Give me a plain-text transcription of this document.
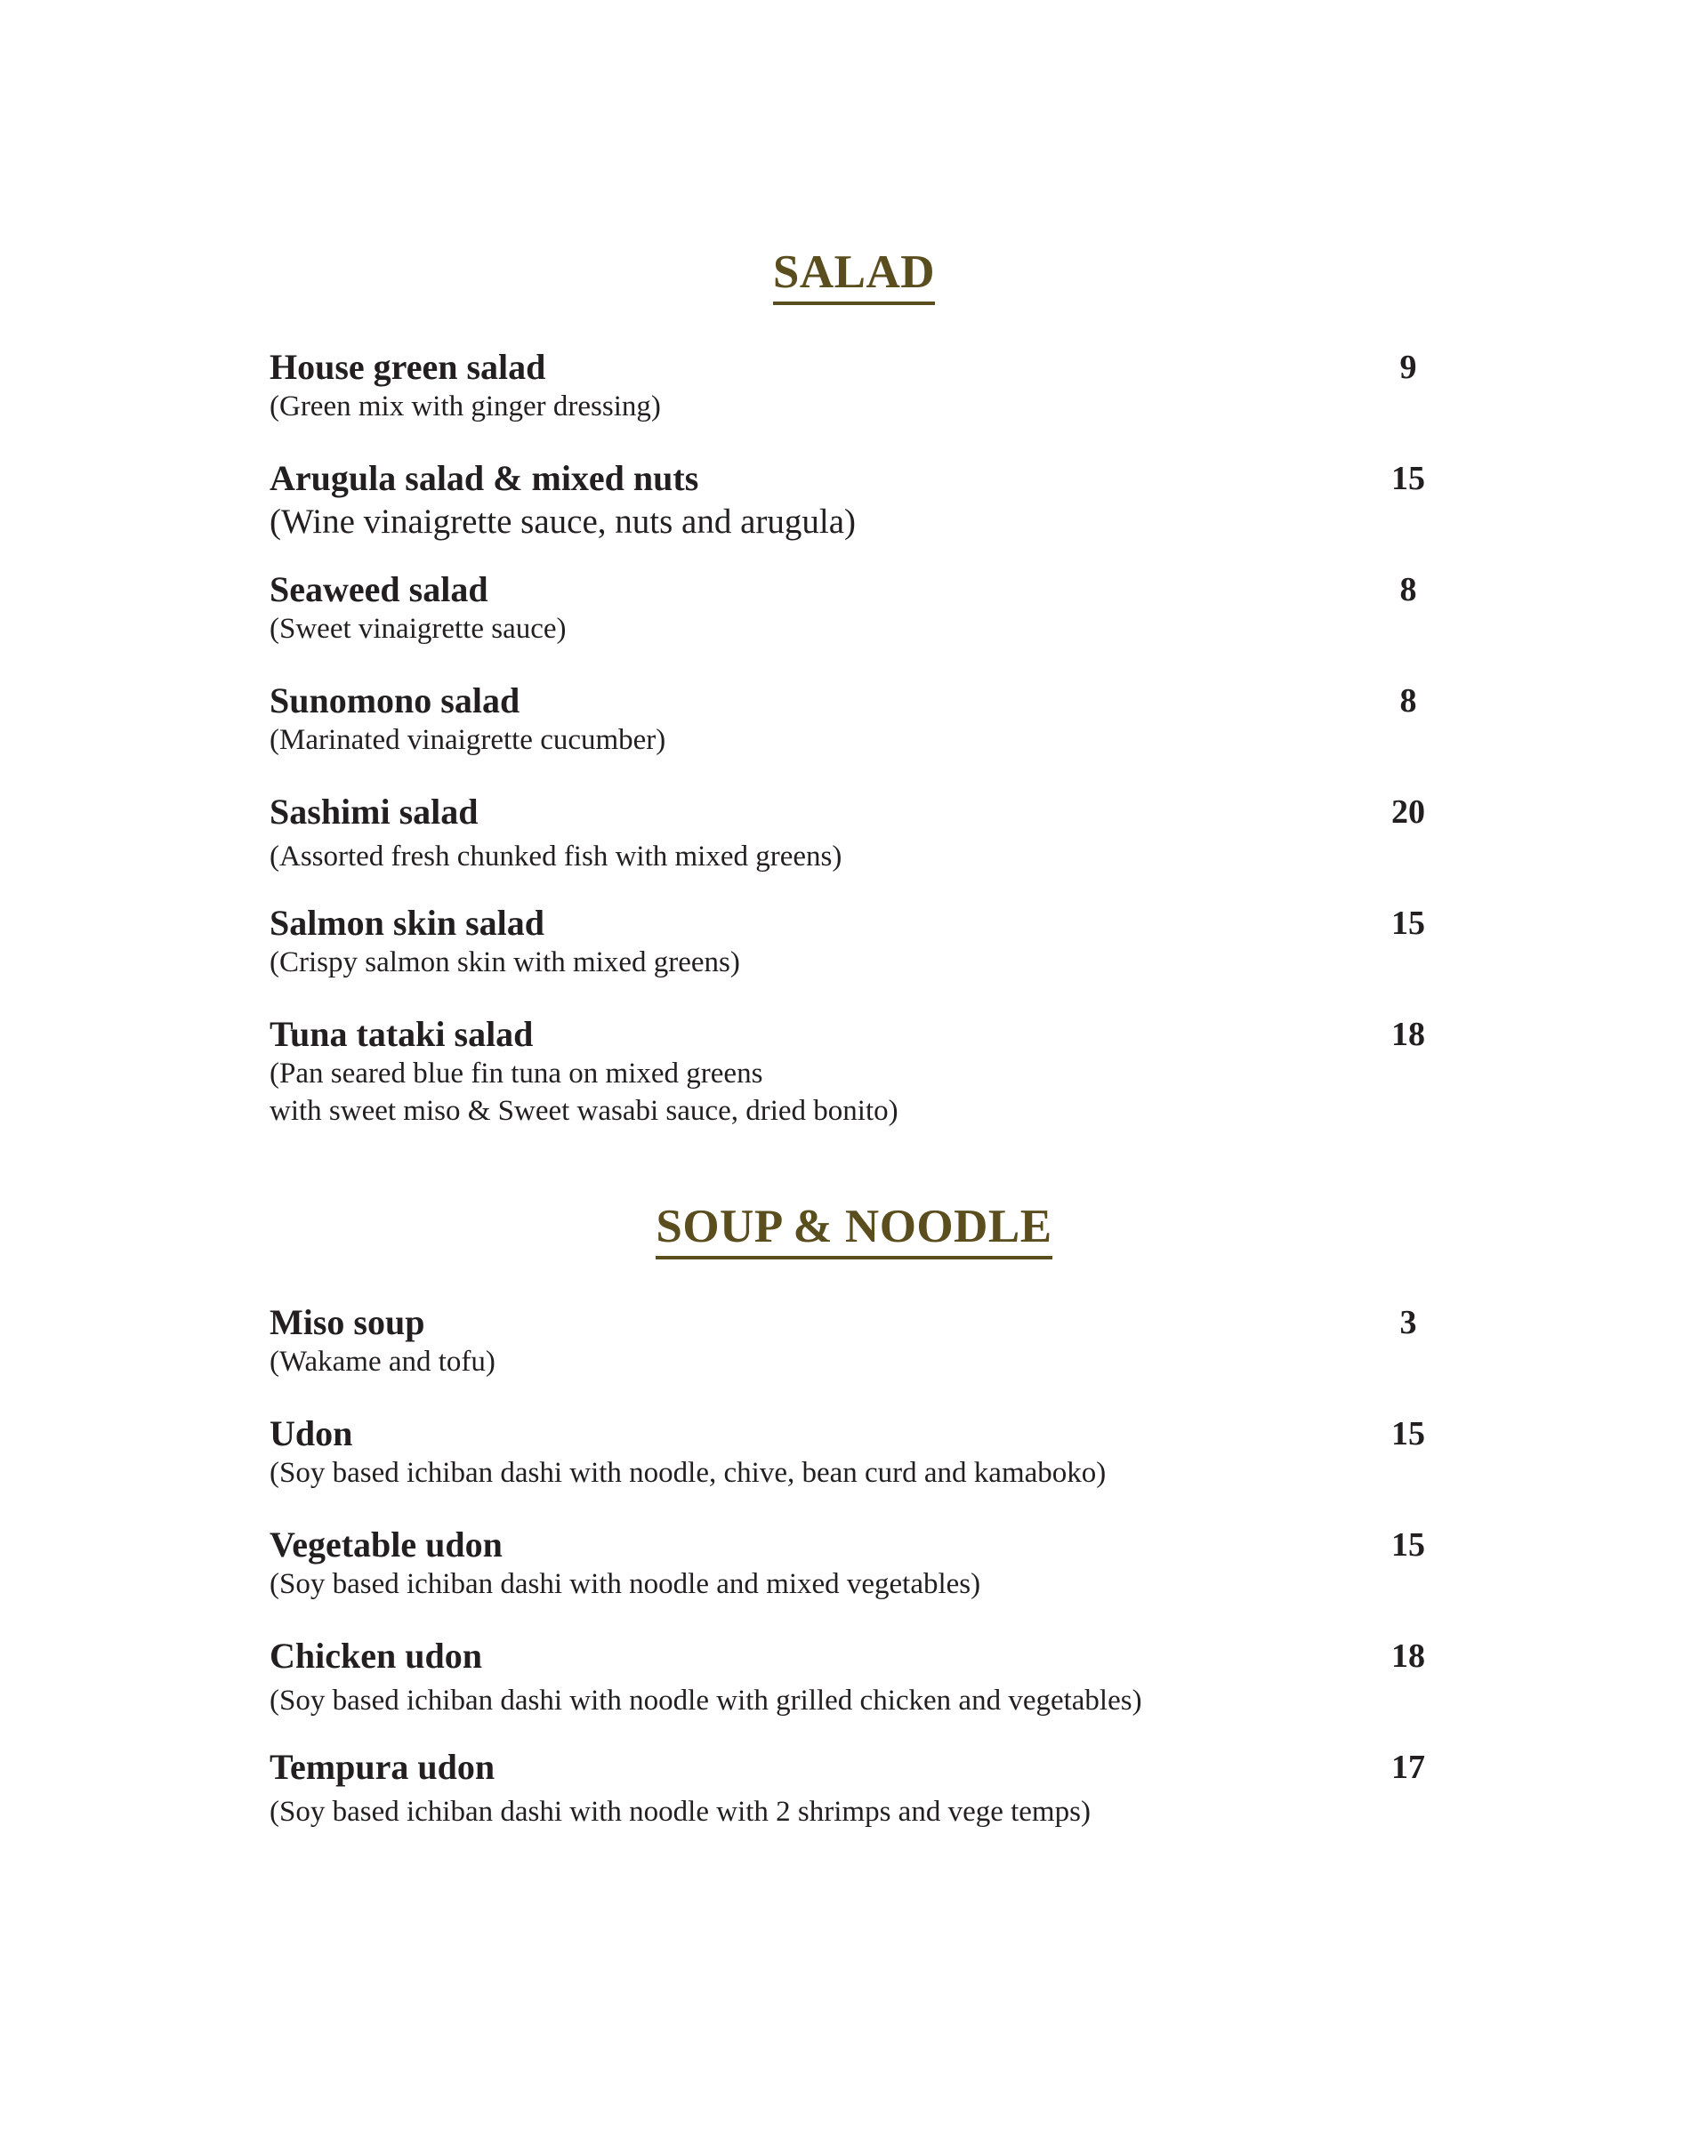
SALAD
House green salad
(Green mix with ginger dressing)
9
Arugula salad & mixed nuts
(Wine vinaigrette sauce, nuts and arugula)
15
Seaweed salad
(Sweet vinaigrette sauce)
8
Sunomono salad
(Marinated vinaigrette cucumber)
8
Sashimi salad
(Assorted fresh chunked fish with mixed greens)
20
Salmon skin salad
(Crispy salmon skin with mixed greens)
15
Tuna tataki salad
(Pan seared blue fin tuna on mixed greens
with sweet miso & Sweet wasabi sauce, dried bonito)
18
SOUP & NOODLE
Miso soup
(Wakame and tofu)
3
Udon
(Soy based ichiban dashi with noodle, chive, bean curd and kamaboko)
15
Vegetable udon
(Soy based ichiban dashi with noodle and mixed vegetables)
15
Chicken udon
(Soy based ichiban dashi with noodle with grilled chicken and vegetables)
18
Tempura udon
(Soy based ichiban dashi with noodle with 2 shrimps and vege temps)
17
